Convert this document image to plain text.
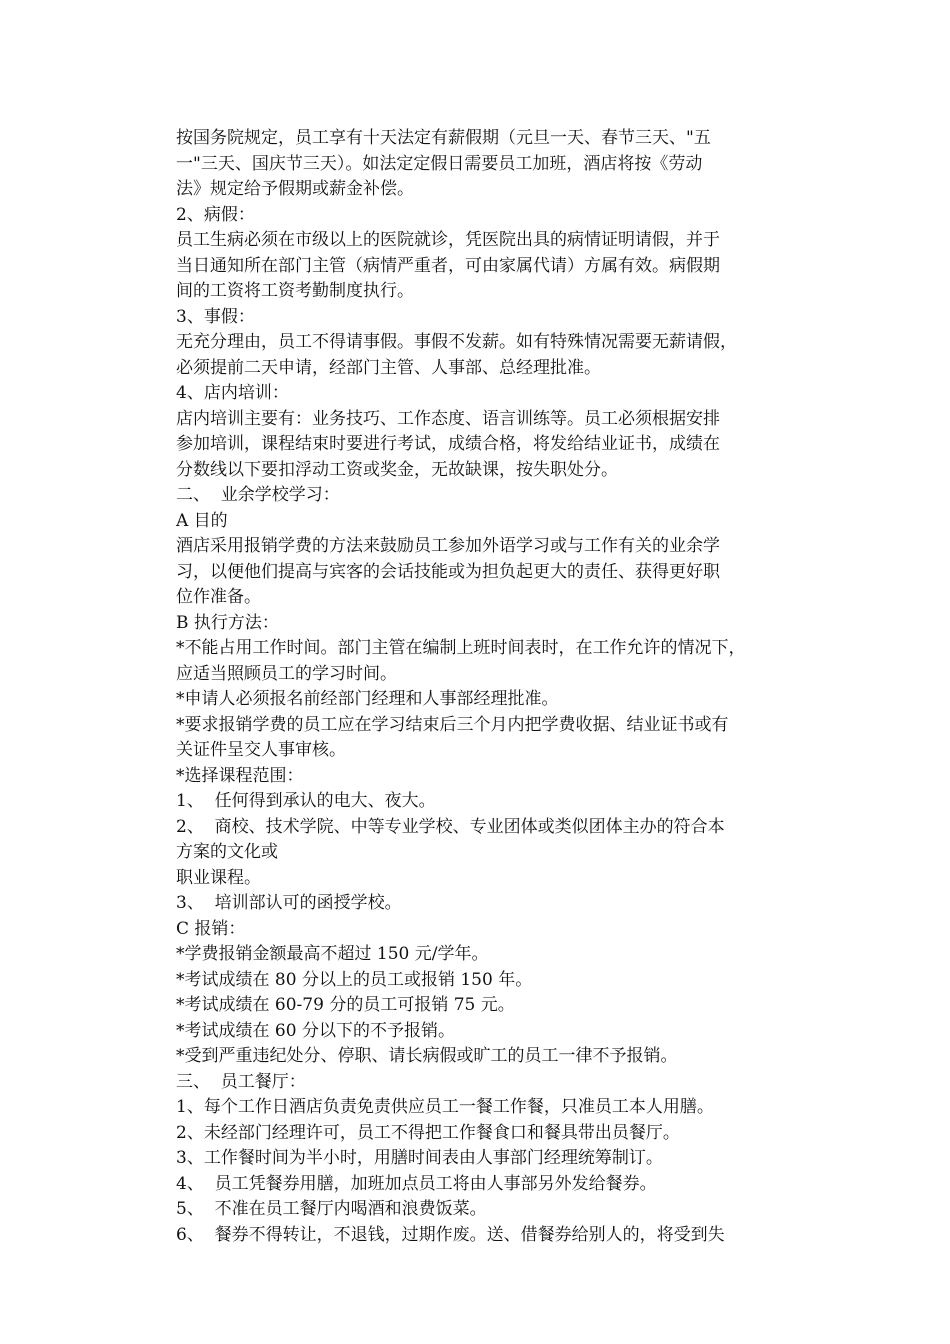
按国务院规定，员工享有十天法定有薪假期（元旦一天、春节三天、"五
一"三天、国庆节三天）。如法定定假日需要员工加班，酒店将按《劳动
法》规定给予假期或薪金补偿。
2、病假：
员工生病必须在市级以上的医院就诊，凭医院出具的病情证明请假，并于
当日通知所在部门主管（病情严重者，可由家属代请）方属有效。病假期
间的工资将工资考勤制度执行。
3、事假：
无充分理由，员工不得请事假。事假不发薪。如有特殊情况需要无薪请假，
必须提前二天申请，经部门主管、人事部、总经理批准。
4、店内培训：
店内培训主要有：业务技巧、工作态度、语言训练等。员工必须根据安排
参加培训，课程结束时要进行考试，成绩合格，将发给结业证书，成绩在
分数线以下要扣浮动工资或奖金，无故缺课，按失职处分。
二、  业余学校学习：
A 目的
酒店采用报销学费的方法来鼓励员工参加外语学习或与工作有关的业余学
习，以便他们提高与宾客的会话技能或为担负起更大的责任、获得更好职
位作准备。
B 执行方法：
*不能占用工作时间。部门主管在编制上班时间表时，在工作允许的情况下，
应适当照顾员工的学习时间。
*申请人必须报名前经部门经理和人事部经理批准。
*要求报销学费的员工应在学习结束后三个月内把学费收据、结业证书或有
关证件呈交人事审核。
*选择课程范围：
1、  任何得到承认的电大、夜大。
2、  商校、技术学院、中等专业学校、专业团体或类似团体主办的符合本
方案的文化或
职业课程。
3、  培训部认可的函授学校。
C 报销：
*学费报销金额最高不超过 150 元/学年。
*考试成绩在 80 分以上的员工或报销 150 年。
*考试成绩在 60-79 分的员工可报销 75 元。
*考试成绩在 60 分以下的不予报销。
*受到严重违纪处分、停职、请长病假或旷工的员工一律不予报销。
三、  员工餐厅：
1、每个工作日酒店负责免责供应员工一餐工作餐，只准员工本人用膳。
2、未经部门经理许可，员工不得把工作餐食口和餐具带出员餐厅。
3、工作餐时间为半小时，用膳时间表由人事部门经理统筹制订。
4、  员工凭餐券用膳，加班加点员工将由人事部另外发给餐券。
5、  不准在员工餐厅内喝酒和浪费饭菜。
6、  餐券不得转让，不退钱，过期作废。送、借餐券给别人的，将受到失
